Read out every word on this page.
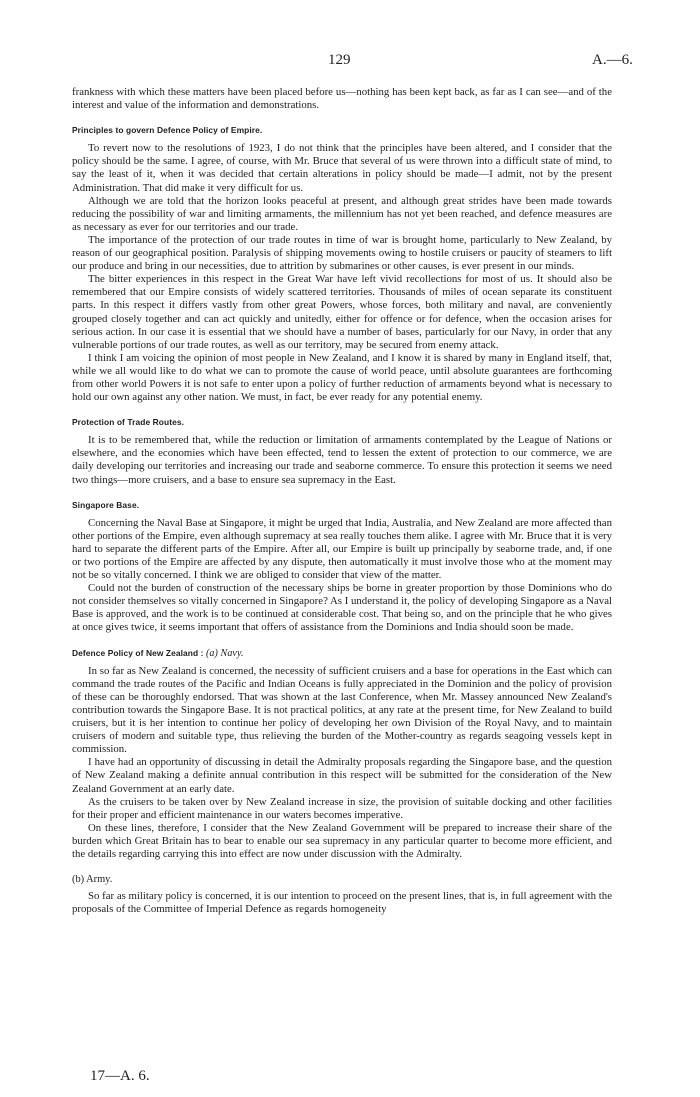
129	A.—6.

frankness with which these matters have been placed before us—nothing has been kept back, as far as I can see—and of the interest and value of the information and demonstrations.

Principles to govern Defence Policy of Empire.

To revert now to the resolutions of 1923, I do not think that the principles have been altered, and I consider that the policy should be the same. I agree, of course, with Mr. Bruce that several of us were thrown into a difficult state of mind, to say the least of it, when it was decided that certain alterations in policy should be made—I admit, not by the present Administration. That did make it very difficult for us.

Although we are told that the horizon looks peaceful at present, and although great strides have been made towards reducing the possibility of war and limiting armaments, the millennium has not yet been reached, and defence measures are as necessary as ever for our territories and our trade.

The importance of the protection of our trade routes in time of war is brought home, particularly to New Zealand, by reason of our geographical position. Paralysis of shipping movements owing to hostile cruisers or paucity of steamers to lift our produce and bring in our necessities, due to attrition by submarines or other causes, is ever present in our minds.

The bitter experiences in this respect in the Great War have left vivid recollections for most of us. It should also be remembered that our Empire consists of widely scattered territories. Thousands of miles of ocean separate its constituent parts. In this respect it differs vastly from other great Powers, whose forces, both military and naval, are conveniently grouped closely together and can act quickly and unitedly, either for offence or for defence, when the occasion arises for serious action. In our case it is essential that we should have a number of bases, particularly for our Navy, in order that any vulnerable portions of our trade routes, as well as our territory, may be secured from enemy attack.

I think I am voicing the opinion of most people in New Zealand, and I know it is shared by many in England itself, that, while we all would like to do what we can to promote the cause of world peace, until absolute guarantees are forthcoming from other world Powers it is not safe to enter upon a policy of further reduction of armaments beyond what is necessary to hold our own against any other nation. We must, in fact, be ever ready for any potential enemy.

Protection of Trade Routes.

It is to be remembered that, while the reduction or limitation of armaments contemplated by the League of Nations or elsewhere, and the economies which have been effected, tend to lessen the extent of protection to our commerce, we are daily developing our territories and increasing our trade and seaborne commerce. To ensure this protection it seems we need two things—more cruisers, and a base to ensure sea supremacy in the East.

Singapore Base.

Concerning the Naval Base at Singapore, it might be urged that India, Australia, and New Zealand are more affected than other portions of the Empire, even although supremacy at sea really touches them alike. I agree with Mr. Bruce that it is very hard to separate the different parts of the Empire. After all, our Empire is built up principally by seaborne trade, and, if one or two portions of the Empire are affected by any dispute, then automatically it must involve those who at the moment may not be so vitally concerned. I think we are obliged to consider that view of the matter.

Could not the burden of construction of the necessary ships be borne in greater proportion by those Dominions who do not consider themselves so vitally concerned in Singapore? As I understand it, the policy of developing Singapore as a Naval Base is approved, and the work is to be continued at considerable cost. That being so, and on the principle that he who gives at once gives twice, it seems important that offers of assistance from the Dominions and India should soon be made.

Defence Policy of New Zealand : (a) Navy.

In so far as New Zealand is concerned, the necessity of sufficient cruisers and a base for operations in the East which can command the trade routes of the Pacific and Indian Oceans is fully appreciated in the Dominion and the policy of provision of these can be thoroughly endorsed. That was shown at the last Conference, when Mr. Massey announced New Zealand's contribution towards the Singapore Base. It is not practical politics, at any rate at the present time, for New Zealand to build cruisers, but it is her intention to continue her policy of developing her own Division of the Royal Navy, and to maintain cruisers of modern and suitable type, thus relieving the burden of the Mother-country as regards seagoing vessels kept in commission.

I have had an opportunity of discussing in detail the Admiralty proposals regarding the Singapore base, and the question of New Zealand making a definite annual contribution in this respect will be submitted for the consideration of the New Zealand Government at an early date.

As the cruisers to be taken over by New Zealand increase in size, the provision of suitable docking and other facilities for their proper and efficient maintenance in our waters becomes imperative.

On these lines, therefore, I consider that the New Zealand Government will be prepared to increase their share of the burden which Great Britain has to bear to enable our sea supremacy in any particular quarter to become more efficient, and the details regarding carrying this into effect are now under discussion with the Admiralty.

(b) Army.

So far as military policy is concerned, it is our intention to proceed on the present lines, that is, in full agreement with the proposals of the Committee of Imperial Defence as regards homogeneity

17—A. 6.
